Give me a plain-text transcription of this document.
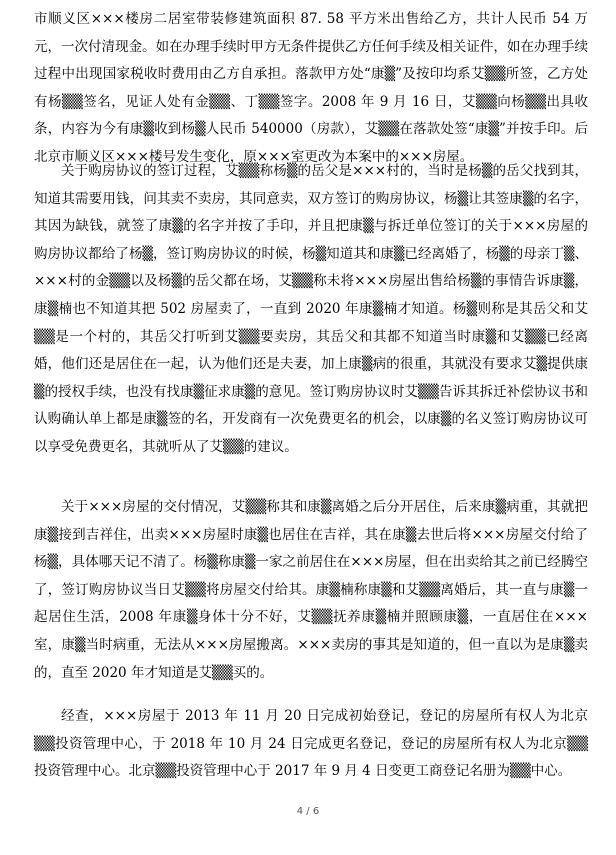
市顺义区×××楼房二居室带装修建筑面积 87. 58 平方米出售给乙方，共计人民币 54 万元，一次付清现金。如在办理手续时甲方无条件提供乙方任何手续及相关证件，如在办理手续过程中出现国家税收时费用由乙方自承担。落款甲方处“康▒”及按印均系艾▒▒所签，乙方处有杨▒▒签名，见证人处有金▒▒、丁▒▒签字。2008 年 9 月 16 日，艾▒▒向杨▒▒出具收条，内容为今有康▒收到杨▒人民币 540000（房款），艾▒▒在落款处签“康▒”并按手印。后北京市顺义区×××楼号发生变化，原×××室更改为本案中的×××房屋。

关于购房协议的签订过程，艾▒▒称杨▒的岳父是×××村的，当时是杨▒的岳父找到其，知道其需要用钱，问其卖不卖房，其同意卖，双方签订的购房协议，杨▒让其签康▒的名字，其因为缺钱，就签了康▒的名字并按了手印，并且把康▒与拆迁单位签订的关于×××房屋的购房协议都给了杨▒，签订购房协议的时候，杨▒知道其和康▒已经离婚了，杨▒的母亲丁▒、×××村的金▒▒以及杨▒的岳父都在场，艾▒▒称未将×××房屋出售给杨▒的事情告诉康▒，康▒楠也不知道其把 502 房屋卖了，一直到 2020 年康▒楠才知道。杨▒则称是其岳父和艾▒▒是一个村的，其岳父打听到艾▒▒要卖房，其岳父和其都不知道当时康▒和艾▒▒已经离婚，他们还是居住在一起，认为他们还是夫妻，加上康▒病的很重，其就没有要求艾▒提供康▒的授权手续，也没有找康▒征求康▒的意见。签订购房协议时艾▒▒告诉其拆迁补偿协议书和认购确认单上都是康▒签的名，开发商有一次免费更名的机会，以康▒的名义签订购房协议可以享受免费更名，其就听从了艾▒▒的建议。

关于×××房屋的交付情况，艾▒▒称其和康▒离婚之后分开居住，后来康▒病重，其就把康▒接到吉祥住，出卖×××房屋时康▒也居住在吉祥，其在康▒去世后将×××房屋交付给了杨▒，具体哪天记不清了。杨▒称康▒一家之前居住在×××房屋，但在出卖给其之前已经腾空了，签订购房协议当日艾▒▒将房屋交付给其。康▒楠称康▒和艾▒▒离婚后，其一直与康▒一起居住生活，2008 年康▒身体十分不好，艾▒▒抚养康▒楠并照顾康▒，一直居住在×××室，康▒当时病重，无法从×××房屋搬离。×××卖房的事其是知道的，但一直以为是康▒卖的，直至 2020 年才知道是艾▒▒买的。

经查，×××房屋于 2013 年 11 月 20 日完成初始登记，登记的房屋所有权人为北京▒▒投资管理中心，于 2018 年 10 月 24 日完成更名登记，登记的房屋所有权人为北京▒▒投资管理中心。北京▒▒投资管理中心于 2017 年 9 月 4 日变更工商登记名册为▒▒中心。

4 / 6
